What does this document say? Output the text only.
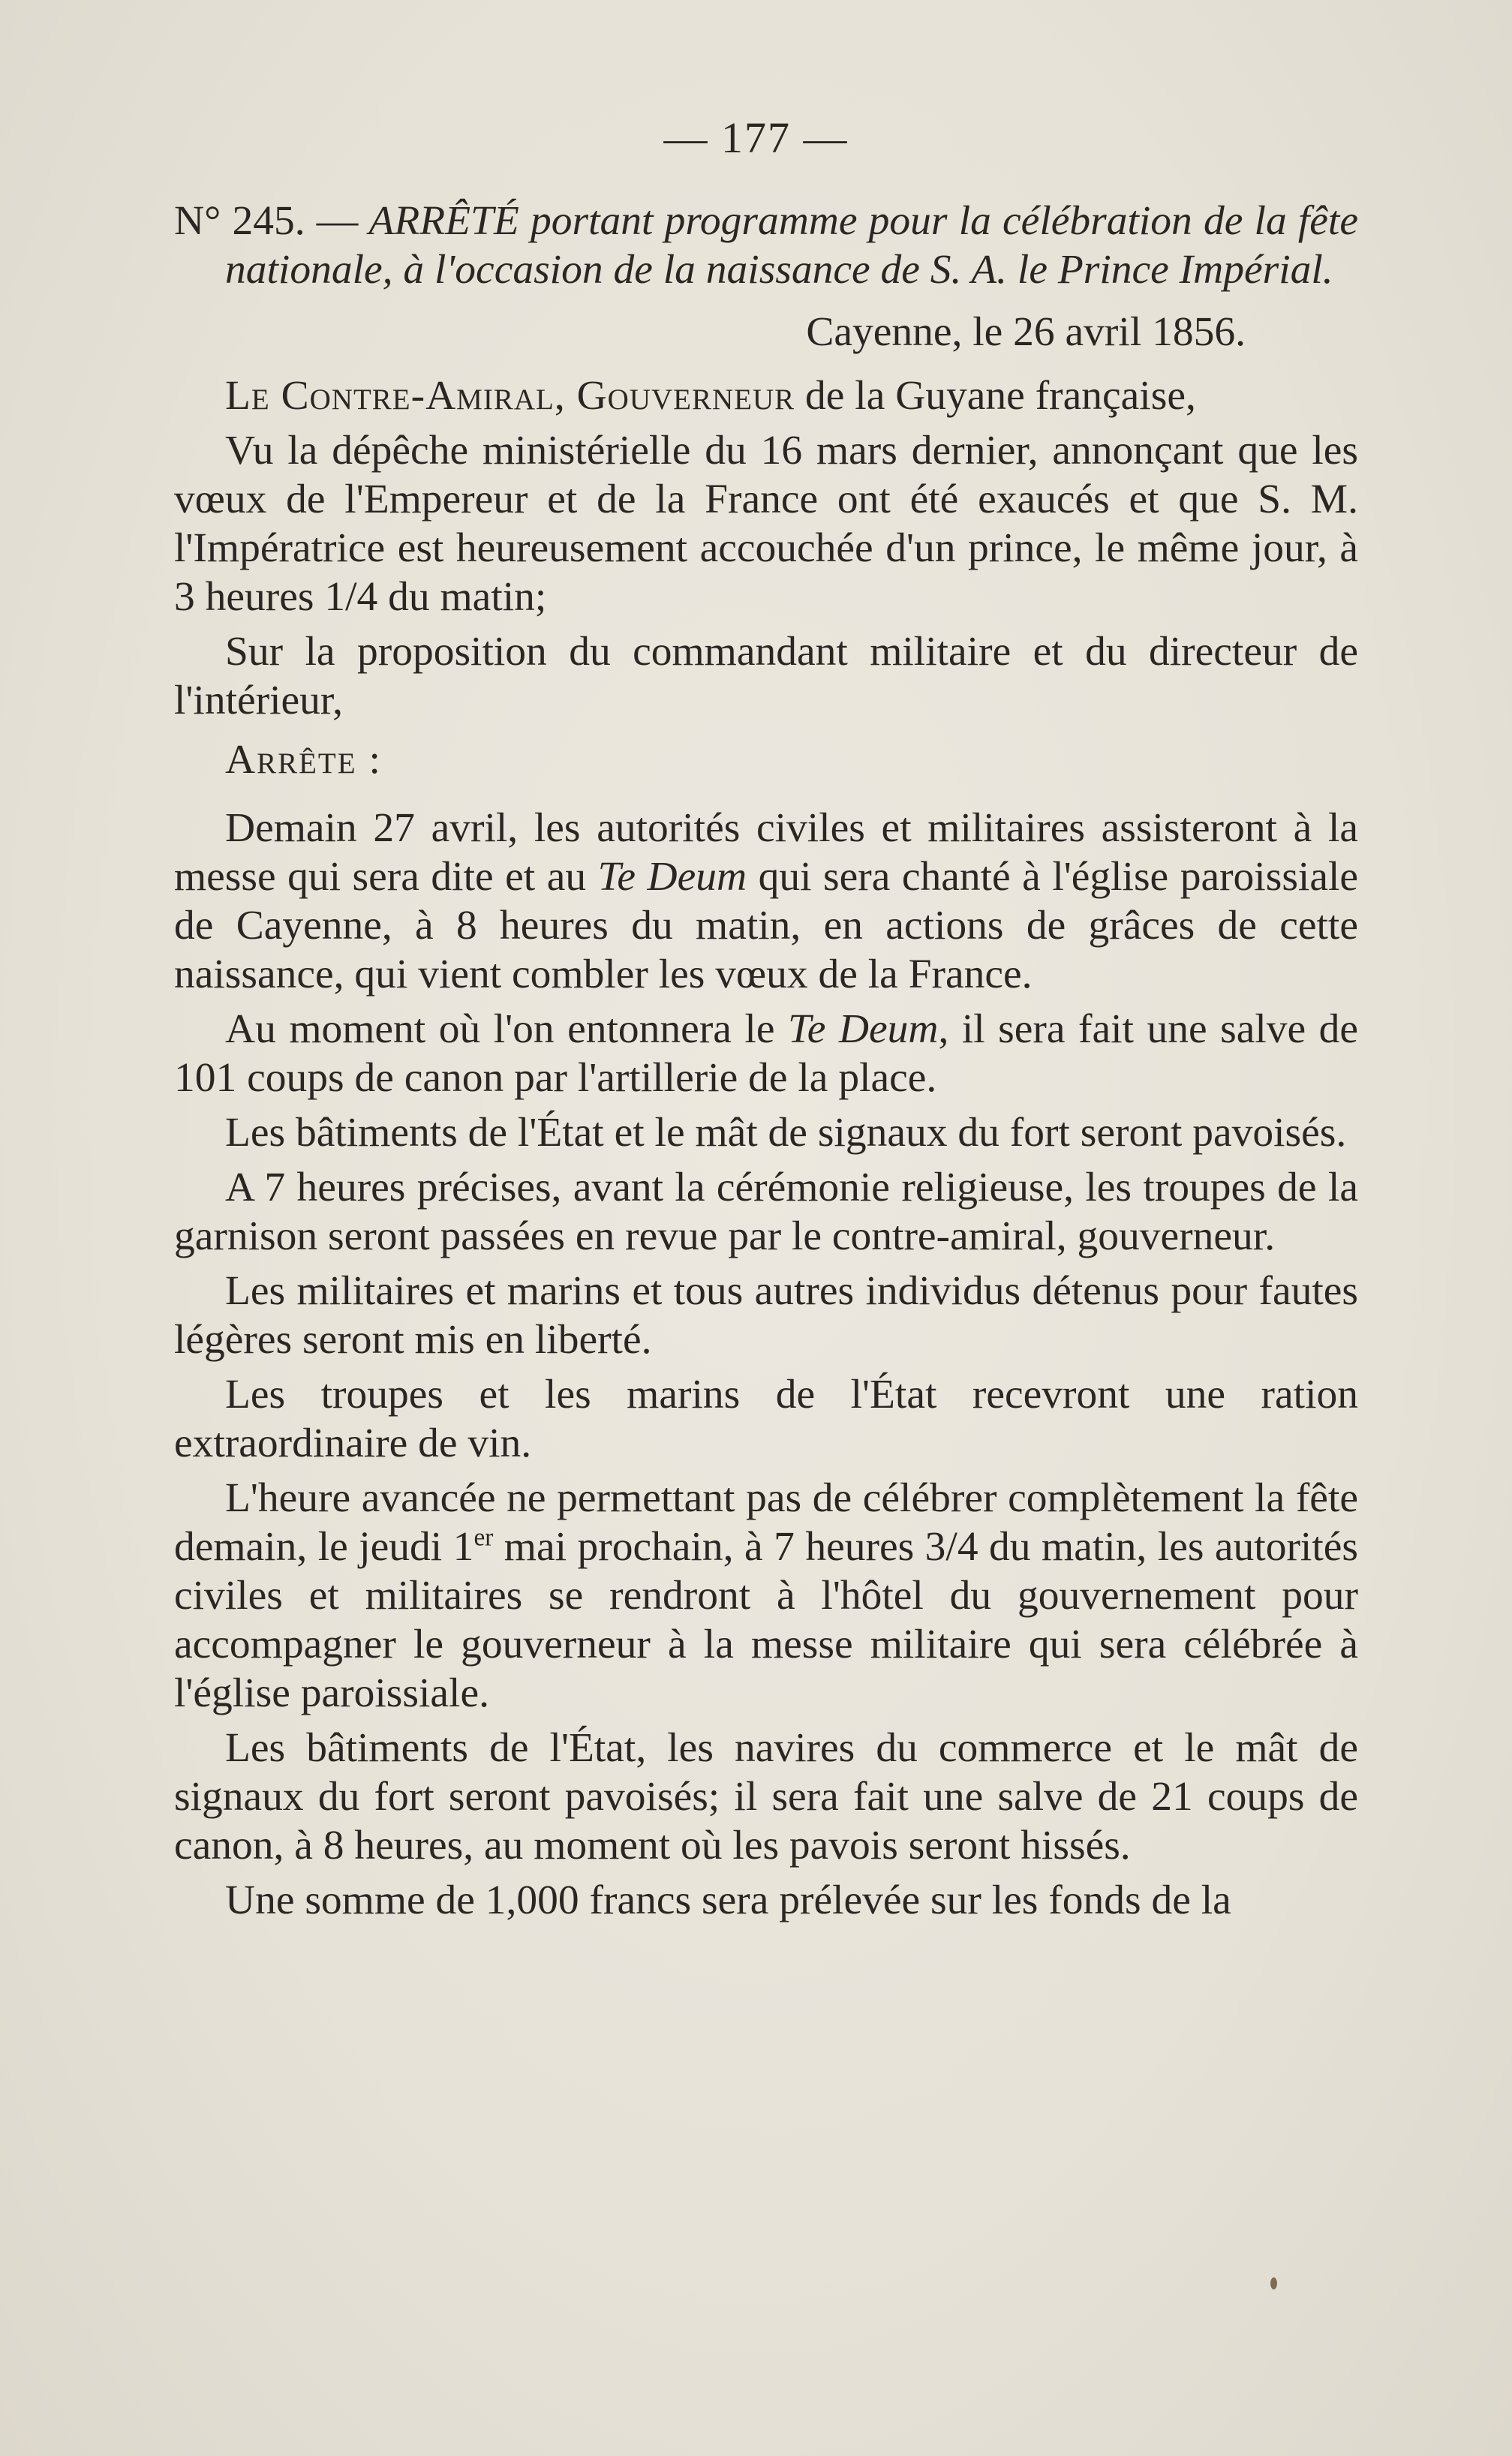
— 177 —

N° 245. — ARRÊTÉ portant programme pour la célébration de la fête nationale, à l'occasion de la naissance de S. A. le Prince Impérial.

Cayenne, le 26 avril 1856.

Le Contre-Amiral, Gouverneur de la Guyane française,

Vu la dépêche ministérielle du 16 mars dernier, annonçant que les vœux de l'Empereur et de la France ont été exaucés et que S. M. l'Impératrice est heureusement accouchée d'un prince, le même jour, à 3 heures 1/4 du matin;

Sur la proposition du commandant militaire et du directeur de l'intérieur,

Arrête :

Demain 27 avril, les autorités civiles et militaires assisteront à la messe qui sera dite et au Te Deum qui sera chanté à l'église paroissiale de Cayenne, à 8 heures du matin, en actions de grâces de cette naissance, qui vient combler les vœux de la France.

Au moment où l'on entonnera le Te Deum, il sera fait une salve de 101 coups de canon par l'artillerie de la place.

Les bâtiments de l'État et le mât de signaux du fort seront pavoisés.

A 7 heures précises, avant la cérémonie religieuse, les troupes de la garnison seront passées en revue par le contre-amiral, gouverneur.

Les militaires et marins et tous autres individus détenus pour fautes légères seront mis en liberté.

Les troupes et les marins de l'État recevront une ration extraordinaire de vin.

L'heure avancée ne permettant pas de célébrer complètement la fête demain, le jeudi 1er mai prochain, à 7 heures 3/4 du matin, les autorités civiles et militaires se rendront à l'hôtel du gouvernement pour accompagner le gouverneur à la messe militaire qui sera célébrée à l'église paroissiale.

Les bâtiments de l'État, les navires du commerce et le mât de signaux du fort seront pavoisés; il sera fait une salve de 21 coups de canon, à 8 heures, au moment où les pavois seront hissés.

Une somme de 1,000 francs sera prélevée sur les fonds de la
